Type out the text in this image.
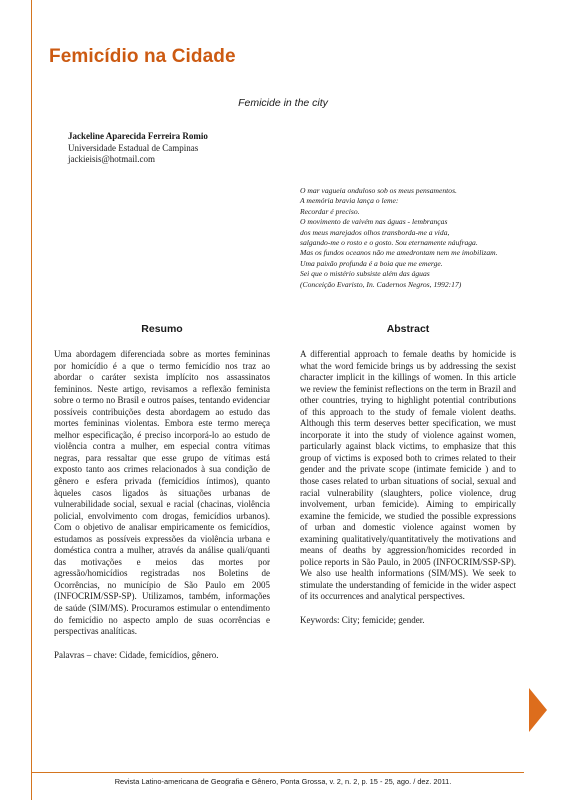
Femicídio na Cidade
Femicide in the city
Jackeline Aparecida Ferreira Romio
Universidade Estadual de Campinas
jackieisis@hotmail.com
O mar vagueia onduloso sob os meus pensamentos.
A memória bravia lança o leme:
Recordar é preciso.
O movimento de vaivém nas águas - lembranças
dos meus marejados olhos transborda-me a vida,
salgando-me o rosto e o gosto. Sou eternamente náufraga.
Mas os fundos oceanos não me amedrontam nem me imobilizam.
Uma paixão profunda é a boia que me emerge.
Sei que o mistério subsiste além das águas
(Conceição Evaristo, In. Cadernos Negros, 1992:17)
Resumo

Uma abordagem diferenciada sobre as mortes femininas por homicídio é a que o termo femicídio nos traz ao abordar o caráter sexista implícito nos assassinatos femininos. Neste artigo, revisamos a reflexão feminista sobre o termo no Brasil e outros países, tentando evidenciar possíveis contribuições desta abordagem ao estudo das mortes femininas violentas. Embora este termo mereça melhor especificação, é preciso incorporá-lo ao estudo de violência contra a mulher, em especial contra vítimas negras, para ressaltar que esse grupo de vítimas está exposto tanto aos crimes relacionados à sua condição de gênero e esfera privada (femicídios íntimos), quanto àqueles casos ligados às situações urbanas de vulnerabilidade social, sexual e racial (chacinas, violência policial, envolvimento com drogas, femicídios urbanos). Com o objetivo de analisar empiricamente os femicídios, estudamos as possíveis expressões da violência urbana e doméstica contra a mulher, através da análise quali/quanti das motivações e meios das mortes por agressão/homicídios registradas nos Boletins de Ocorrências, no município de São Paulo em 2005 (INFOCRIM/SSP-SP). Utilizamos, também, informações de saúde (SIM/MS). Procuramos estimular o entendimento do femicídio no aspecto amplo de suas ocorrências e perspectivas analíticas.

Palavras – chave: Cidade, femicídios, gênero.

Abstract

A differential approach to female deaths by homicide is what the word femicide brings us by addressing the sexist character implicit in the killings of women. In this article we review the feminist reflections on the term in Brazil and other countries, trying to highlight potential contributions of this approach to the study of female violent deaths. Although this term deserves better specification, we must incorporate it into the study of violence against women, particularly against black victims, to emphasize that this group of victims is exposed both to crimes related to their gender and the private scope (intimate femicide ) and to those cases related to urban situations of social, sexual and racial vulnerability (slaughters, police violence, drug involvement, urban femicide). Aiming to empirically examine the femicide, we studied the possible expressions of urban and domestic violence against women by examining qualitatively/quantitatively the motivations and means of deaths by aggression/homicides recorded in police reports in São Paulo, in 2005 (INFOCRIM/SSP-SP). We also use health informations (SIM/MS). We seek to stimulate the understanding of femicide in the wider aspect of its occurrences and analytical perspectives.

Keywords: City; femicide; gender.

Revista Latino-americana de Geografia e Gênero, Ponta Grossa, v. 2, n. 2, p. 15 - 25, ago. / dez. 2011.
